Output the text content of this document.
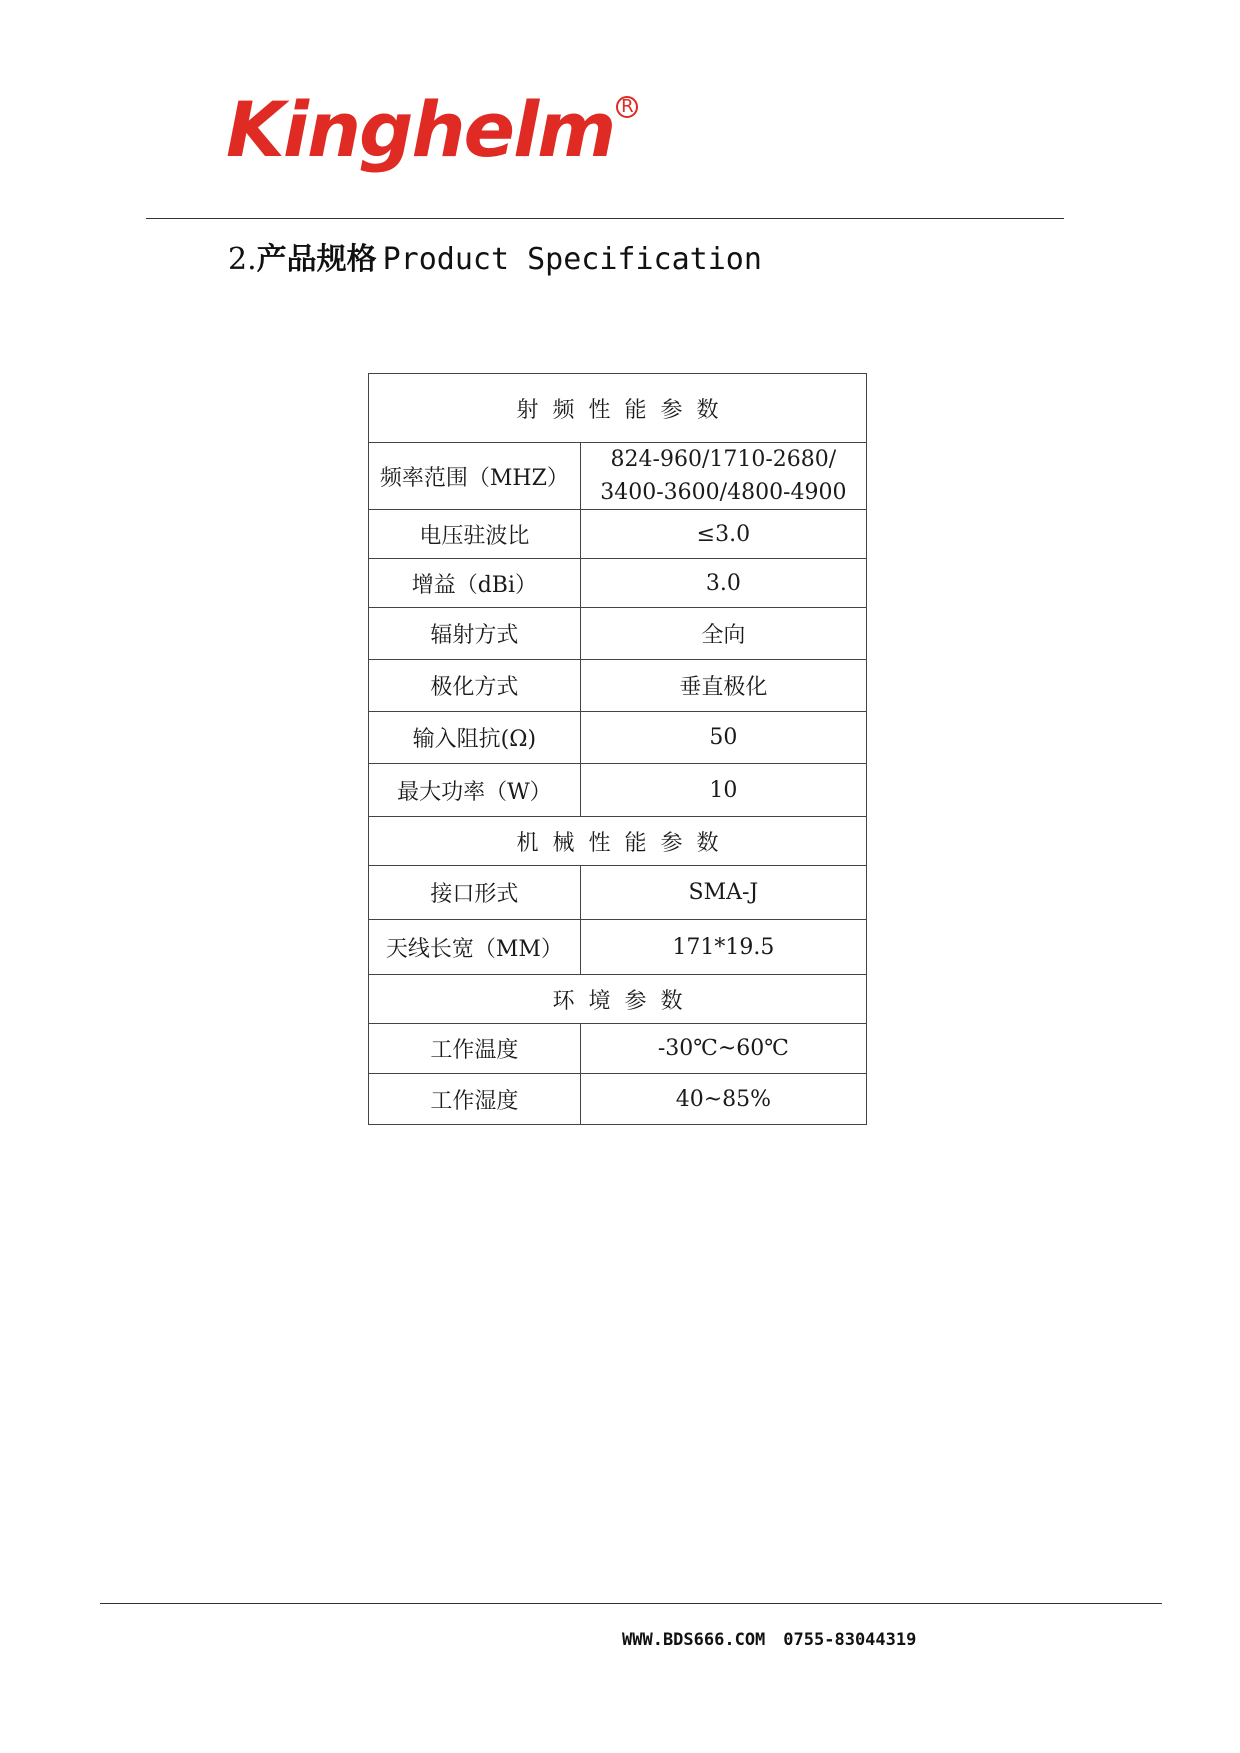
Kinghelm R
2.产品规格 Product Specification
射频性能参数	
频率范围（MHZ）	824-960/1710-2680/
3400-3600/4800-4900

电压驻波比	≤3.0
增益（dBi）	3.0
辐射方式	全向
极化方式	垂直极化
输入阻抗(Ω)	50
最大功率（W）	10
机械性能参数	
接口形式	SMA-J
天线长宽（MM）	171*19.5
环境参数	
工作温度	-30℃~60℃
工作湿度	40~85%
WWW.BDS666.COM 0755-83044319
